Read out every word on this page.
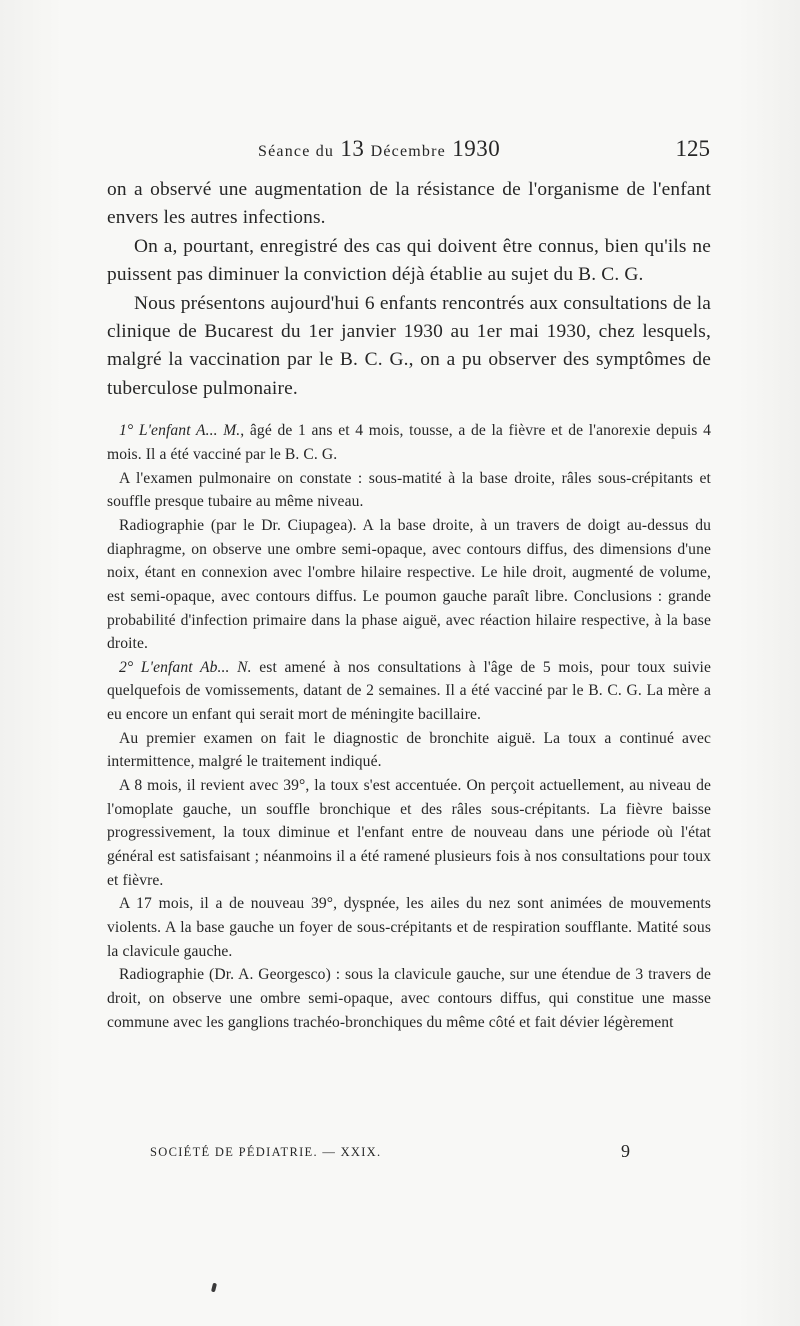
Séance du 13 Décembre 1930	125

on a observé une augmentation de la résistance de l'organisme de l'enfant envers les autres infections.

On a, pourtant, enregistré des cas qui doivent être connus, bien qu'ils ne puissent pas diminuer la conviction déjà établie au sujet du B. C. G.

Nous présentons aujourd'hui 6 enfants rencontrés aux consultations de la clinique de Bucarest du 1er janvier 1930 au 1er mai 1930, chez lesquels, malgré la vaccination par le B. C. G., on a pu observer des symptômes de tuberculose pulmonaire.

1° L'enfant A... M., âgé de 1 ans et 4 mois, tousse, a de la fièvre et de l'anorexie depuis 4 mois. Il a été vacciné par le B. C. G.

A l'examen pulmonaire on constate : sous-matité à la base droite, râles sous-crépitants et souffle presque tubaire au même niveau.

Radiographie (par le Dr. Ciupagea). A la base droite, à un travers de doigt au-dessus du diaphragme, on observe une ombre semi-opaque, avec contours diffus, des dimensions d'une noix, étant en connexion avec l'ombre hilaire respective. Le hile droit, augmenté de volume, est semi-opaque, avec contours diffus. Le poumon gauche paraît libre. Conclusions : grande probabilité d'infection primaire dans la phase aiguë, avec réaction hilaire respective, à la base droite.

2° L'enfant Ab... N. est amené à nos consultations à l'âge de 5 mois, pour toux suivie quelquefois de vomissements, datant de 2 semaines. Il a été vacciné par le B. C. G. La mère a eu encore un enfant qui serait mort de méningite bacillaire.

Au premier examen on fait le diagnostic de bronchite aiguë. La toux a continué avec intermittence, malgré le traitement indiqué.

A 8 mois, il revient avec 39°, la toux s'est accentuée. On perçoit actuellement, au niveau de l'omoplate gauche, un souffle bronchique et des râles sous-crépitants. La fièvre baisse progressivement, la toux diminue et l'enfant entre de nouveau dans une période où l'état général est satisfaisant ; néanmoins il a été ramené plusieurs fois à nos consultations pour toux et fièvre.

A 17 mois, il a de nouveau 39°, dyspnée, les ailes du nez sont animées de mouvements violents. A la base gauche un foyer de sous-crépitants et de respiration soufflante. Matité sous la clavicule gauche.

Radiographie (Dr. A. Georgesco) : sous la clavicule gauche, sur une étendue de 3 travers de droit, on observe une ombre semi-opaque, avec contours diffus, qui constitue une masse commune avec les ganglions trachéo-bronchiques du même côté et fait dévier légèrement

SOCIÉTÉ DE PÉDIATRIE. — XXIX.	9
